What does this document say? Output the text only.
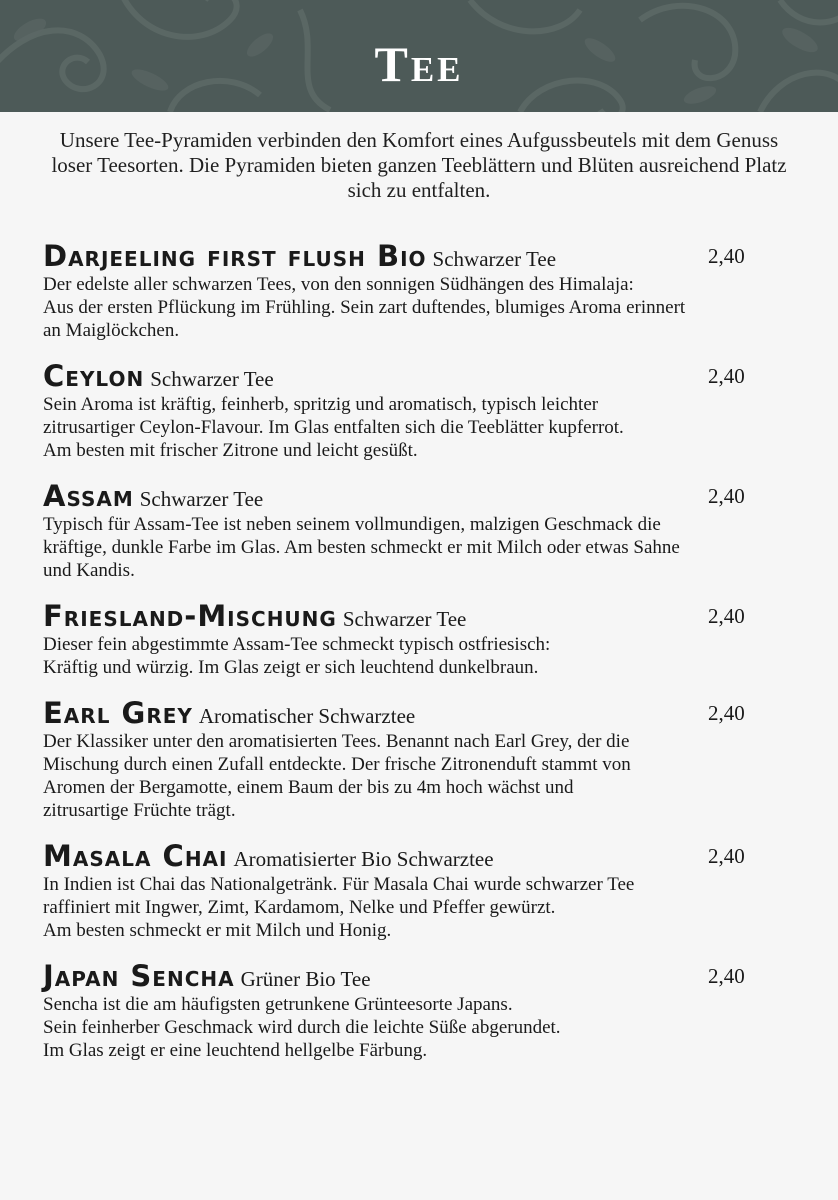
Tee
Unsere Tee-Pyramiden verbinden den Komfort eines Aufgussbeutels mit dem Genuss loser Teesorten. Die Pyramiden bieten ganzen Teeblättern und Blüten ausreichend Platz sich zu entfalten.
Darjeeling first flush Bio Schwarzer Tee	2,40
Der edelste aller schwarzen Tees, von den sonnigen Südhängen des Himalaja:
Aus der ersten Pflückung im Frühling. Sein zart duftendes, blumiges Aroma erinnert
an Maiglöckchen.
Ceylon Schwarzer Tee	2,40
Sein Aroma ist kräftig, feinherb, spritzig und aromatisch, typisch leichter
zitrusartiger Ceylon-Flavour. Im Glas entfalten sich die Teeblätter kupferrot.
Am besten mit frischer Zitrone und leicht gesüßt.
Assam Schwarzer Tee	2,40
Typisch für Assam-Tee ist neben seinem vollmundigen, malzigen Geschmack die
kräftige, dunkle Farbe im Glas. Am besten schmeckt er mit Milch oder etwas Sahne
und Kandis.
Friesland-Mischung Schwarzer Tee	2,40
Dieser fein abgestimmte Assam-Tee schmeckt typisch ostfriesisch:
Kräftig und würzig. Im Glas zeigt er sich leuchtend dunkelbraun.
Earl Grey Aromatischer Schwarztee	2,40
Der Klassiker unter den aromatisierten Tees. Benannt nach Earl Grey, der die
Mischung durch einen Zufall entdeckte. Der frische Zitronenduft stammt von
Aromen der Bergamotte, einem Baum der bis zu 4m hoch wächst und
zitrusartige Früchte trägt.
Masala Chai Aromatisierter Bio Schwarztee	2,40
In Indien ist Chai das Nationalgetränk. Für Masala Chai wurde schwarzer Tee
raffiniert mit Ingwer, Zimt, Kardamom, Nelke und Pfeffer gewürzt.
Am besten schmeckt er mit Milch und Honig.
Japan Sencha Grüner Bio Tee	2,40
Sencha ist die am häufigsten getrunkene Grünteesorte Japans.
Sein feinherber Geschmack wird durch die leichte Süße abgerundet.
Im Glas zeigt er eine leuchtend hellgelbe Färbung.
